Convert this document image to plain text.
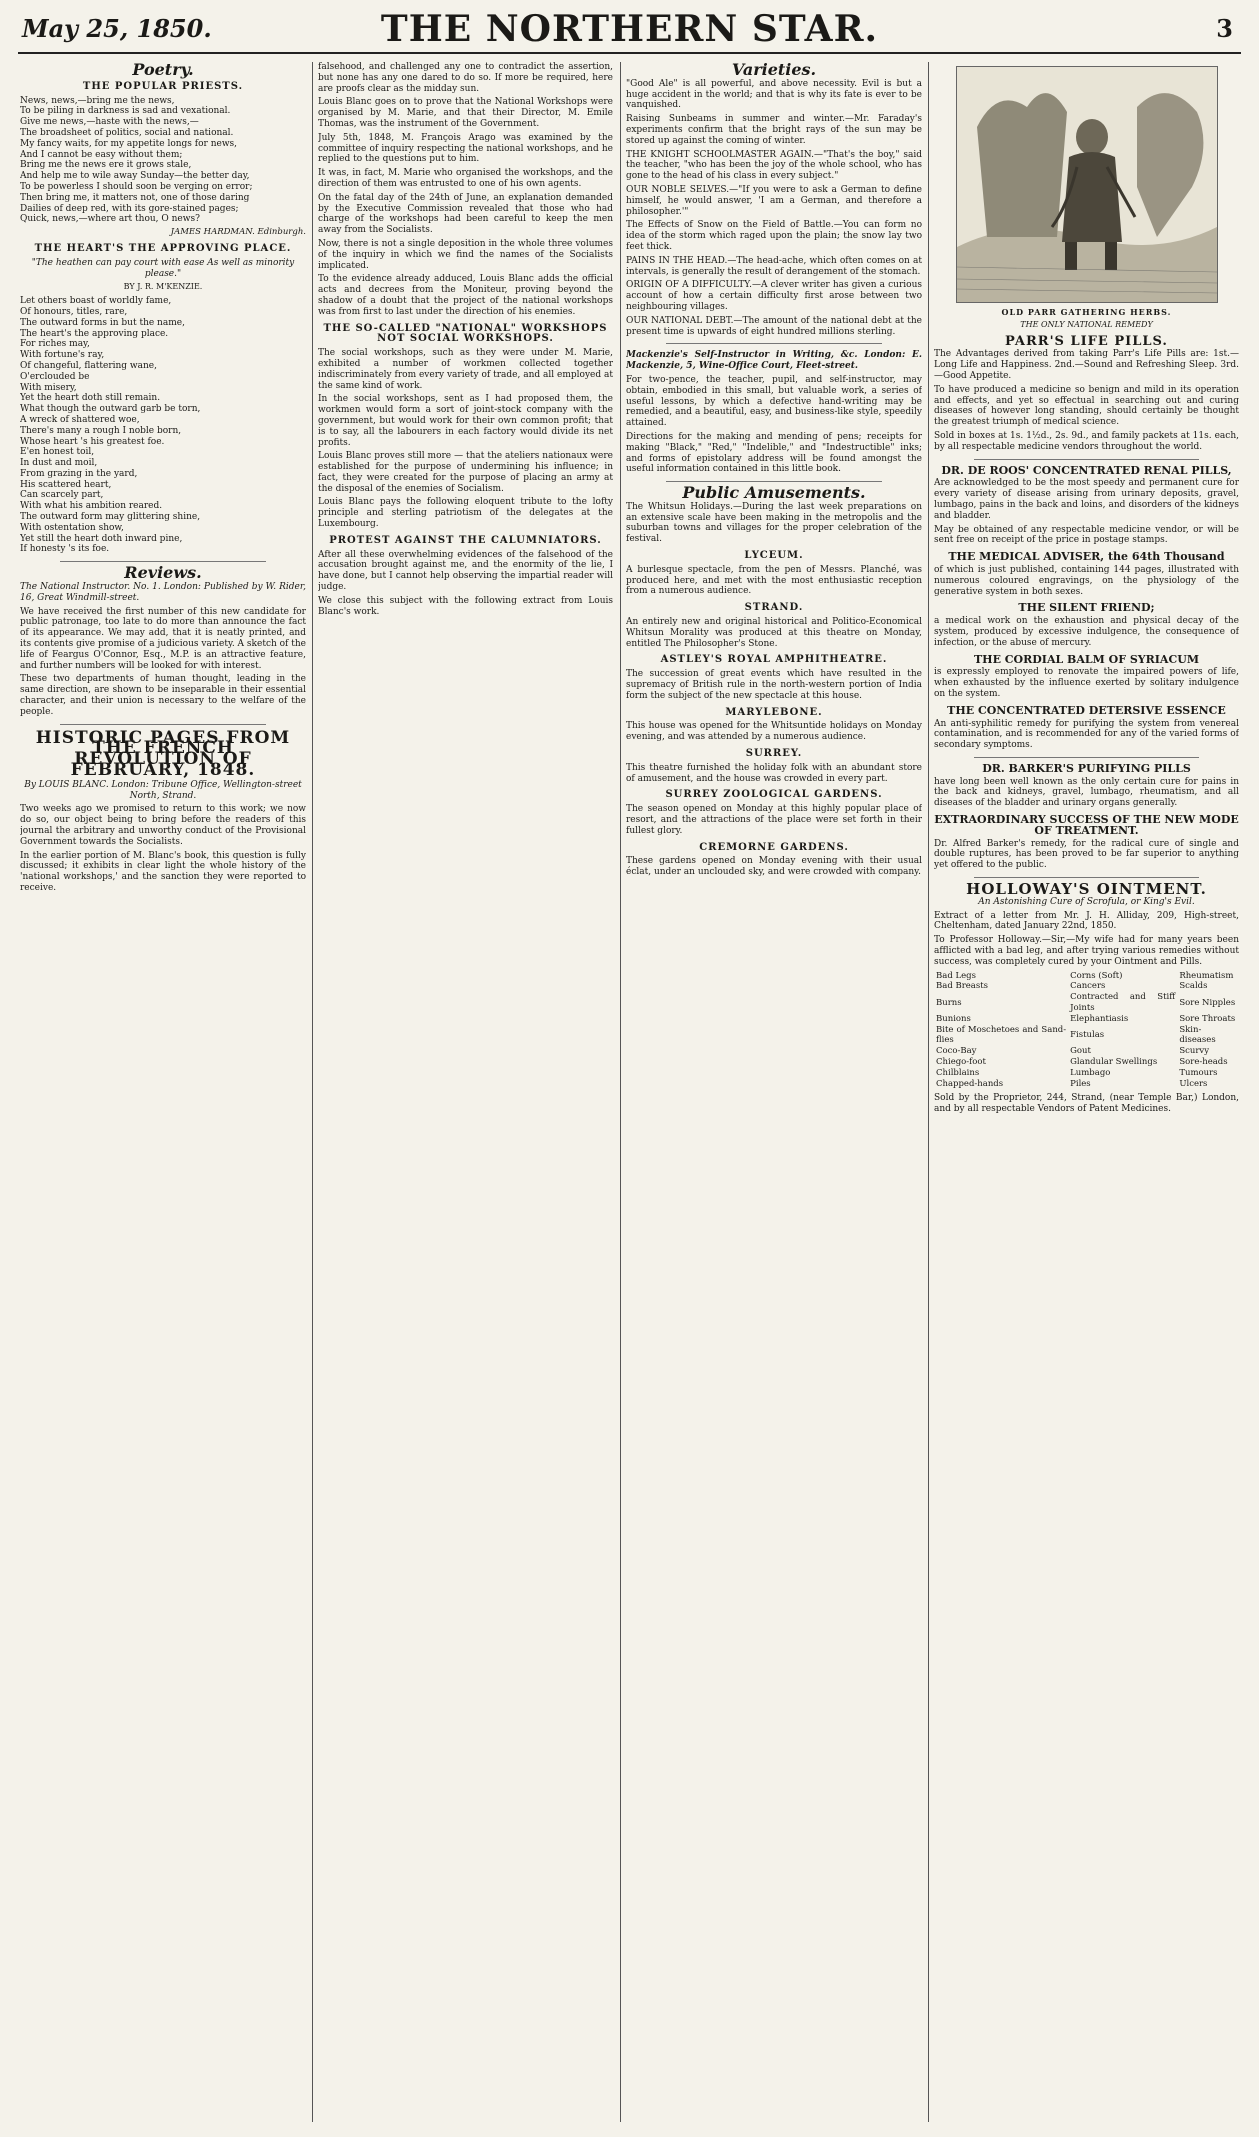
May 25, 1850.	THE NORTHERN STAR.	3
Poetry.
THE POPULAR PRIESTS.

News, news,—bring me the news,

To be piling in darkness is sad and vexational.

Give me news,—haste with the news,—

The broadsheet of politics, social and national.

My fancy waits, for my appetite longs for news,

And I cannot be easy without them;

Bring me the news ere it grows stale,

And help me to wile away Sunday—the better day,

To be powerless I should soon be verging on error;

Then bring me, it matters not, one of those daring

Dailies of deep red, with its gore-stained pages;

Quick, news,—where art thou, O news?

JAMES HARDMAN. Edinburgh.
THE HEART'S THE APPROVING PLACE.

"The heathen can pay court with ease As well as minority please."

BY J. R. M'KENZIE.

Let others boast of worldly fame,

Of honours, titles, rare,

The outward forms in but the name,

The heart's the approving place.

For riches may,

With fortune's ray,

Of changeful, flattering wane,

O'erclouded be

With misery,

Yet the heart doth still remain.

What though the outward garb be torn,

A wreck of shattered woe,

There's many a rough I noble born,

Whose heart 's his greatest foe.

E'en honest toil,

In dust and moil,

From grazing in the yard,

His scattered heart,

Can scarcely part,

With what his ambition reared.

The outward form may glittering shine,

With ostentation show,

Yet still the heart doth inward pine,

If honesty 's its foe.

Reviews.

The National Instructor. No. 1. London: Published by W. Rider, 16, Great Windmill-street.

We have received the first number of this new candidate for public patronage, too late to do more than announce the fact of its appearance. We may add, that it is neatly printed, and its contents give promise of a judicious variety. A sketch of the life of Feargus O'Connor, Esq., M.P. is an attractive feature, and further numbers will be looked for with interest.

These two departments of human thought, leading in the same direction, are shown to be inseparable in their essential character, and their union is necessary to the welfare of the people.

HISTORIC PAGES FROM THE FRENCH REVOLUTION OF FEBRUARY, 1848.

By LOUIS BLANC. London: Tribune Office, Wellington-street North, Strand.

Two weeks ago we promised to return to this work; we now do so, our object being to bring before the readers of this journal the arbitrary and unworthy conduct of the Provisional Government towards the Socialists.

In the earlier portion of M. Blanc's book, this question is fully discussed; it exhibits in clear light the whole history of the 'national workshops,' and the sanction they were reported to receive.

falsehood, and challenged any one to contradict the assertion, but none has any one dared to do so. If more be required, here are proofs clear as the midday sun.

Louis Blanc goes on to prove that the National Workshops were organised by M. Marie, and that their Director, M. Emile Thomas, was the instrument of the Government.

July 5th, 1848, M. François Arago was examined by the committee of inquiry respecting the national workshops, and he replied to the questions put to him.

It was, in fact, M. Marie who organised the workshops, and the direction of them was entrusted to one of his own agents.

On the fatal day of the 24th of June, an explanation demanded by the Executive Commission revealed that those who had charge of the workshops had been careful to keep the men away from the Socialists.

Now, there is not a single deposition in the whole three volumes of the inquiry in which we find the names of the Socialists implicated.

To the evidence already adduced, Louis Blanc adds the official acts and decrees from the Moniteur, proving beyond the shadow of a doubt that the project of the national workshops was from first to last under the direction of his enemies.

THE SO-CALLED "NATIONAL" WORKSHOPS NOT SOCIAL WORKSHOPS.

The social workshops, such as they were under M. Marie, exhibited a number of workmen collected together indiscriminately from every variety of trade, and all employed at the same kind of work.

In the social workshops, sent as I had proposed them, the workmen would form a sort of joint-stock company with the government, but would work for their own common profit; that is to say, all the labourers in each factory would divide its net profits.

Louis Blanc proves still more — that the ateliers nationaux were established for the purpose of undermining his influence; in fact, they were created for the purpose of placing an army at the disposal of the enemies of Socialism.

Louis Blanc pays the following eloquent tribute to the lofty principle and sterling patriotism of the delegates at the Luxembourg.

PROTEST AGAINST THE CALUMNIATORS.

After all these overwhelming evidences of the falsehood of the accusation brought against me, and the enormity of the lie, I have done, but I cannot help observing the impartial reader will judge.

We close this subject with the following extract from Louis Blanc's work.

Varieties.

"Good Ale" is all powerful, and above necessity. Evil is but a huge accident in the world; and that is why its fate is ever to be vanquished.

Raising Sunbeams in summer and winter.—Mr. Faraday's experiments confirm that the bright rays of the sun may be stored up against the coming of winter.

THE KNIGHT SCHOOLMASTER AGAIN.—"That's the boy," said the teacher, "who has been the joy of the whole school, who has gone to the head of his class in every subject."

OUR NOBLE SELVES.—"If you were to ask a German to define himself, he would answer, 'I am a German, and therefore a philosopher.'"

The Effects of Snow on the Field of Battle.—You can form no idea of the storm which raged upon the plain; the snow lay two feet thick.

PAINS IN THE HEAD.—The head-ache, which often comes on at intervals, is generally the result of derangement of the stomach.

ORIGIN OF A DIFFICULTY.—A clever writer has given a curious account of how a certain difficulty first arose between two neighbouring villages.

OUR NATIONAL DEBT.—The amount of the national debt at the present time is upwards of eight hundred millions sterling.

Mackenzie's Self-Instructor in Writing, &c. London: E. Mackenzie, 5, Wine-Office Court, Fleet-street.

For two-pence, the teacher, pupil, and self-instructor, may obtain, embodied in this small, but valuable work, a series of useful lessons, by which a defective hand-writing may be remedied, and a beautiful, easy, and business-like style, speedily attained.

Directions for the making and mending of pens; receipts for making "Black," "Red," "Indelible," and "Indestructible" inks; and forms of epistolary address will be found amongst the useful information contained in this little book.

Public Amusements.

The Whitsun Holidays.—During the last week preparations on an extensive scale have been making in the metropolis and the suburban towns and villages for the proper celebration of the festival.

LYCEUM.

A burlesque spectacle, from the pen of Messrs. Planché, was produced here, and met with the most enthusiastic reception from a numerous audience.

STRAND.

An entirely new and original historical and Politico-Economical Whitsun Morality was produced at this theatre on Monday, entitled The Philosopher's Stone.

ASTLEY'S ROYAL AMPHITHEATRE.

The succession of great events which have resulted in the supremacy of British rule in the north-western portion of India form the subject of the new spectacle at this house.

MARYLEBONE.

This house was opened for the Whitsuntide holidays on Monday evening, and was attended by a numerous audience.

SURREY.

This theatre furnished the holiday folk with an abundant store of amusement, and the house was crowded in every part.

SURREY ZOOLOGICAL GARDENS.

The season opened on Monday at this highly popular place of resort, and the attractions of the place were set forth in their fullest glory.

CREMORNE GARDENS.

These gardens opened on Monday evening with their usual éclat, under an unclouded sky, and were crowded with company.

OLD PARR GATHERING HERBS.
THE ONLY NATIONAL REMEDY
PARR'S LIFE PILLS.

The Advantages derived from taking Parr's Life Pills are: 1st.—Long Life and Happiness. 2nd.—Sound and Refreshing Sleep. 3rd.—Good Appetite.

To have produced a medicine so benign and mild in its operation and effects, and yet so effectual in searching out and curing diseases of however long standing, should certainly be thought the greatest triumph of medical science.

Sold in boxes at 1s. 1½d., 2s. 9d., and family packets at 11s. each, by all respectable medicine vendors throughout the world.

DR. DE ROOS' CONCENTRATED RENAL PILLS,

Are acknowledged to be the most speedy and permanent cure for every variety of disease arising from urinary deposits, gravel, lumbago, pains in the back and loins, and disorders of the kidneys and bladder.

May be obtained of any respectable medicine vendor, or will be sent free on receipt of the price in postage stamps.

THE MEDICAL ADVISER, the 64th Thousand

of which is just published, containing 144 pages, illustrated with numerous coloured engravings, on the physiology of the generative system in both sexes.

THE SILENT FRIEND;

a medical work on the exhaustion and physical decay of the system, produced by excessive indulgence, the consequence of infection, or the abuse of mercury.

THE CORDIAL BALM OF SYRIACUM

is expressly employed to renovate the impaired powers of life, when exhausted by the influence exerted by solitary indulgence on the system.

THE CONCENTRATED DETERSIVE ESSENCE

An anti-syphilitic remedy for purifying the system from venereal contamination, and is recommended for any of the varied forms of secondary symptoms.

DR. BARKER'S PURIFYING PILLS

have long been well known as the only certain cure for pains in the back and kidneys, gravel, lumbago, rheumatism, and all diseases of the bladder and urinary organs generally.

EXTRAORDINARY SUCCESS OF THE NEW MODE OF TREATMENT.

Dr. Alfred Barker's remedy, for the radical cure of single and double ruptures, has been proved to be far superior to anything yet offered to the public.

HOLLOWAY'S OINTMENT.

An Astonishing Cure of Scrofula, or King's Evil.

Extract of a letter from Mr. J. H. Alliday, 209, High-street, Cheltenham, dated January 22nd, 1850.

To Professor Holloway.—Sir,—My wife had for many years been afflicted with a bad leg, and after trying various remedies without success, was completely cured by your Ointment and Pills.

Bad Legs	Corns (Soft)	Rheumatism
Bad Breasts	Cancers	Scalds
Burns	Contracted and Stiff Joints	Sore Nipples
Bunions	Elephantiasis	Sore Throats
Bite of Moschetoes and Sand-flies	Fistulas	Skin-diseases
Coco-Bay	Gout	Scurvy
Chiego-foot	Glandular Swellings	Sore-heads
Chilblains	Lumbago	Tumours
Chapped-hands	Piles	Ulcers

Sold by the Proprietor, 244, Strand, (near Temple Bar,) London, and by all respectable Vendors of Patent Medicines.
